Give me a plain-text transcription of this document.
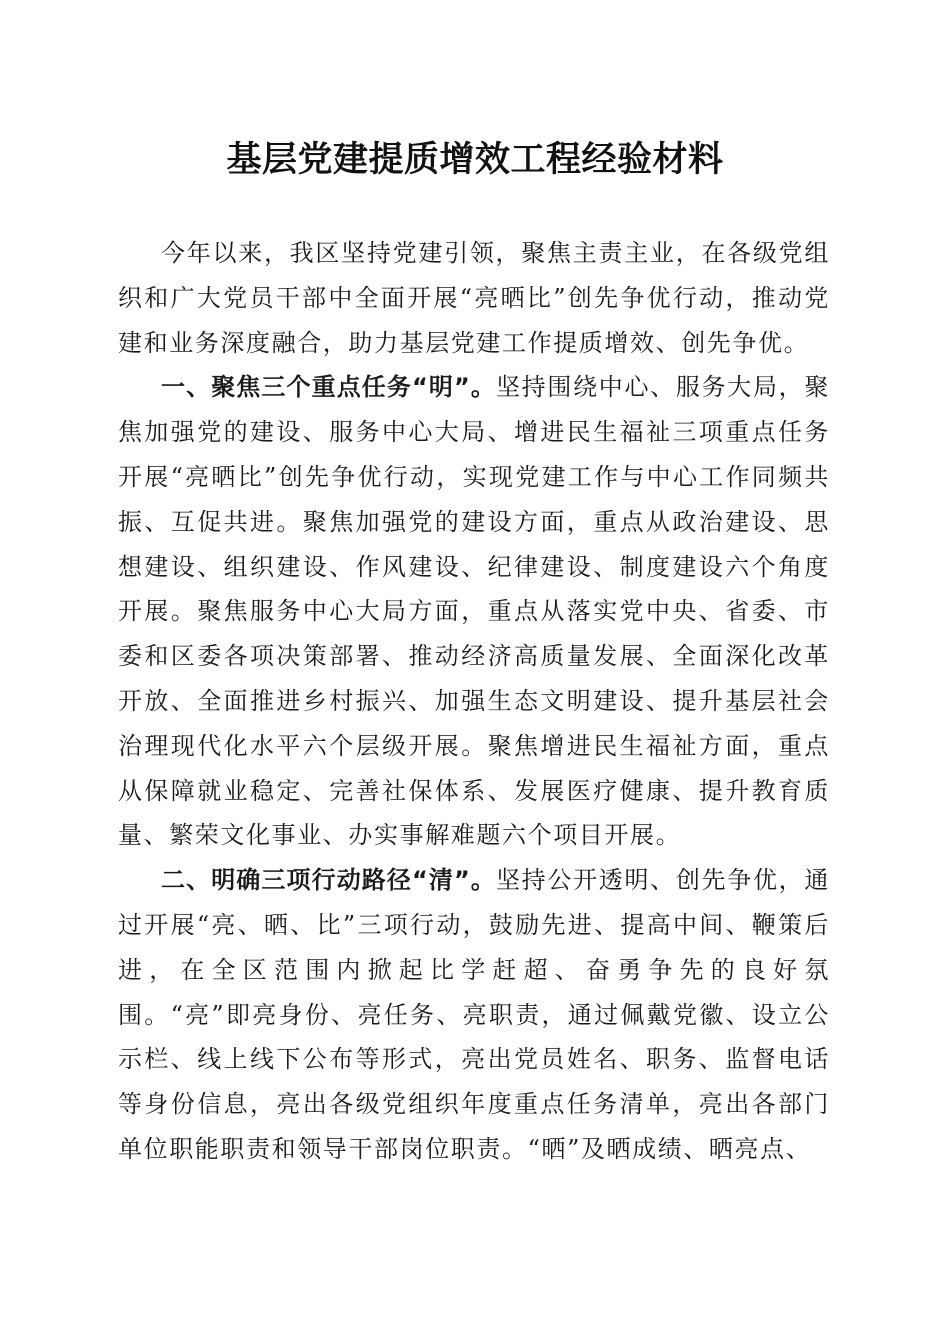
基层党建提质增效工程经验材料

今年以来，我区坚持党建引领，聚焦主责主业，在各级党组织和广大党员干部中全面开展“亮晒比”创先争优行动，推动党建和业务深度融合，助力基层党建工作提质增效、创先争优。

一、聚焦三个重点任务“明”。坚持围绕中心、服务大局，聚焦加强党的建设、服务中心大局、增进民生福祉三项重点任务开展“亮晒比”创先争优行动，实现党建工作与中心工作同频共振、互促共进。聚焦加强党的建设方面，重点从政治建设、思想建设、组织建设、作风建设、纪律建设、制度建设六个角度开展。聚焦服务中心大局方面，重点从落实党中央、省委、市委和区委各项决策部署、推动经济高质量发展、全面深化改革开放、全面推进乡村振兴、加强生态文明建设、提升基层社会治理现代化水平六个层级开展。聚焦增进民生福祉方面，重点从保障就业稳定、完善社保体系、发展医疗健康、提升教育质量、繁荣文化事业、办实事解难题六个项目开展。

二、明确三项行动路径“清”。坚持公开透明、创先争优，通过开展“亮、晒、比”三项行动，鼓励先进、提高中间、鞭策后进，在全区范围内掀起比学赶超、奋勇争先的良好氛围。“亮”即亮身份、亮任务、亮职责，通过佩戴党徽、设立公示栏、线上线下公布等形式，亮出党员姓名、职务、监督电话等身份信息，亮出各级党组织年度重点任务清单，亮出各部门单位职能职责和领导干部岗位职责。“晒”及晒成绩、晒亮点、
